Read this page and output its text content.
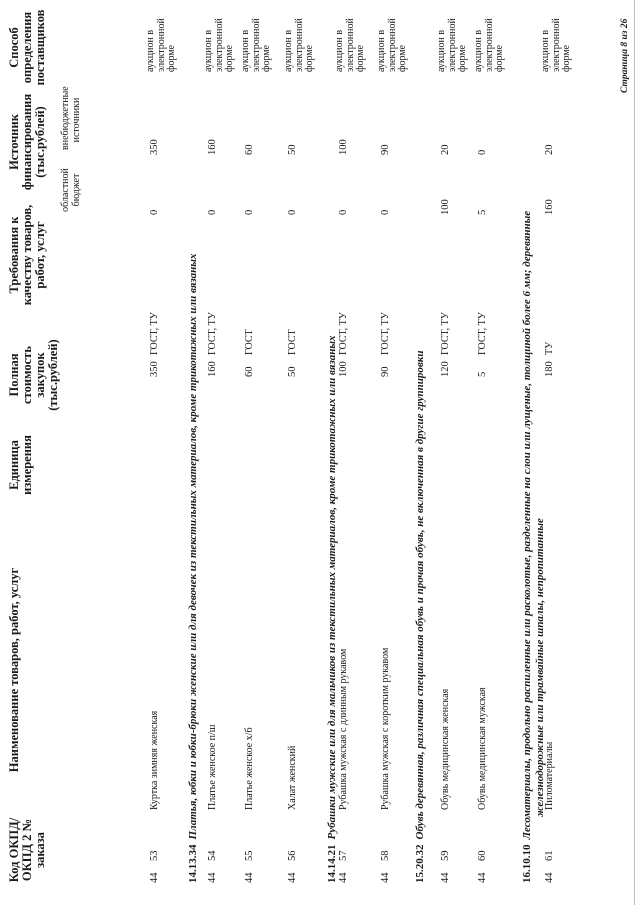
Код ОКПД/ ОКПД 2 № заказа
Наименование товаров, работ, услуг
Единица измерения
Полная стоимость закупок (тыс.рублей)
Требования к качеству товаров, работ, услуг
Источник финансирования (тыс.рублей)
областной бюджет
внебюджетные источники
Способ определения поставщиков
44
53
Куртка зимняя женская
350
ГОСТ, ТУ
0
350
аукцион в электронной форме
14.13.34Платья, юбки и юбки-брюки женские или для девочек из текстильных материалов, кроме трикотажных или вязаных
44
54
Платье женское п/ш
160
ГОСТ, ТУ
0
160
аукцион в электронной форме
44
55
Платье женское х/б
60
ГОСТ
0
60
аукцион в электронной форме
44
56
Халат женский
50
ГОСТ
0
50
аукцион в электронной форме
14.14.21Рубашки мужские или для мальчиков из текстильных материалов, кроме трикотажных или вязаных
44
57
Рубашка мужская с длинным рукавом
100
ГОСТ, ТУ
0
100
аукцион в электронной форме
44
58
Рубашка мужская с коротким рукавом
90
ГОСТ, ТУ
0
90
аукцион в электронной форме
15.20.32Обувь деревянная, различная специальная обувь и прочая обувь, не включенная в другие группировки
44
59
Обувь медицинская женская
120
ГОСТ, ТУ
100
20
аукцион в электронной форме
44
60
Обувь медицинская мужская
5
ГОСТ, ТУ
5
0
аукцион в электронной форме
16.10.10Лесоматериалы, продольно распиленные или расколотые, разделенные на слои или лущеные, толщиной более 6 мм; деревянные железнодорожные или трамвайные шпалы, непропитанные
44
61
Пиломатериалы
180
ТУ
160
20
аукцион в электронной форме	Страница 8 из 26
